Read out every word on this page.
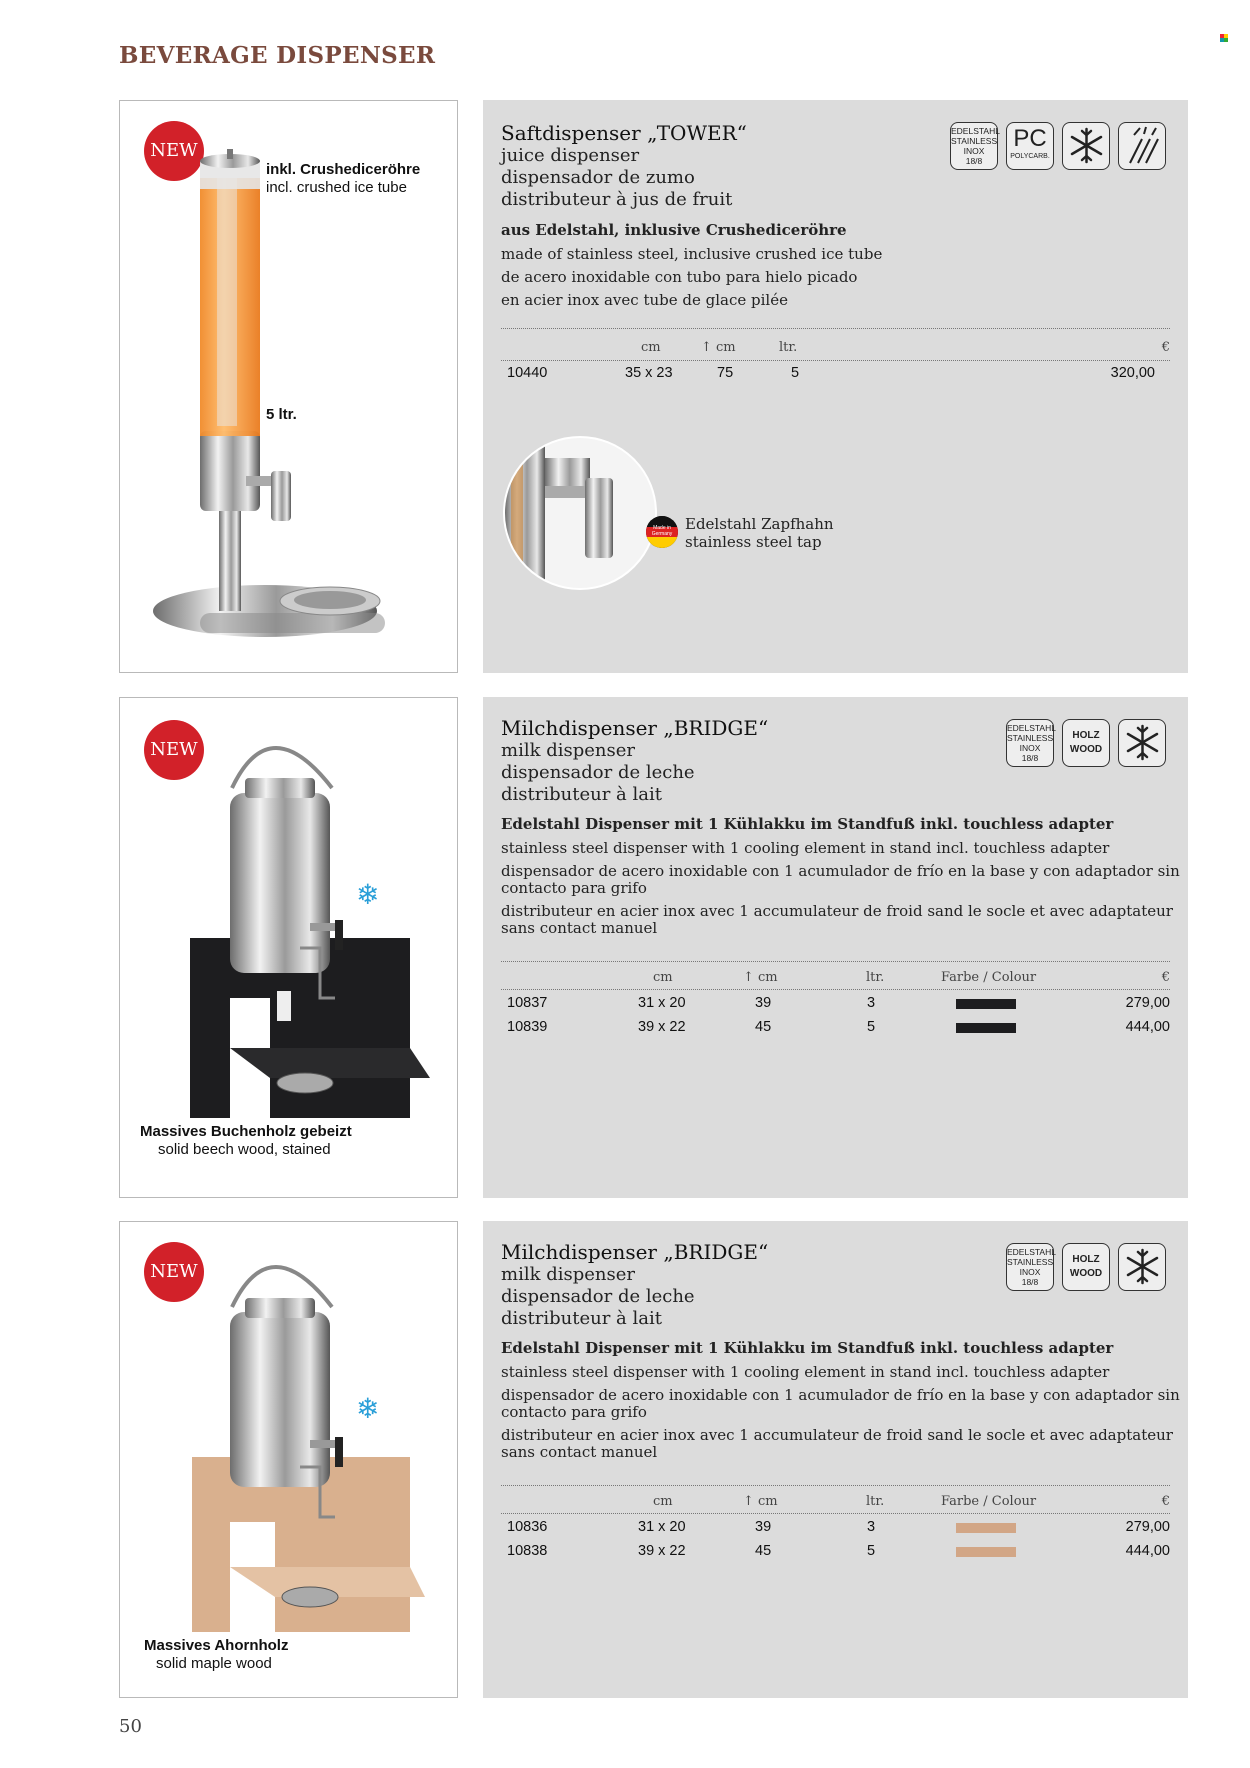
BEVERAGE DISPENSER
NEW
inkl. Crushediceröhre
incl. crushed ice tube
5 ltr.
Saftdispenser „TOWER“
juice dispenser
dispensador de zumo
distributeur à jus de fruit
aus Edelstahl, inklusive Crushediceröhre
made of stainless steel, inclusive crushed ice tube
de acero inoxidable con tubo para hielo picado
en acier inox avec tube de glace pilée
EDELSTAHL
STAINLESS
INOX
18/8
PC
POLYCARB.
cm	↑ cm	ltr.	€
10440	35 x 23	75	5	320,00
Made in Germany
Edelstahl Zapfhahn
stainless steel tap
NEW
❄
Massives Buchenholz gebeizt
solid beech wood, stained
Milchdispenser „BRIDGE“
milk dispenser
dispensador de leche
distributeur à lait
Edelstahl Dispenser mit 1 Kühlakku im Standfuß inkl. touchless adapter
stainless steel dispenser with 1 cooling element in stand incl. touchless adapter
dispensador de acero inoxidable con 1 acumulador de frío en la base y con adaptador sin contacto para grifo
distributeur en acier inox avec 1 accumulateur de froid sand le socle et avec adaptateur sans contact manuel
EDELSTAHL
STAINLESS
INOX
18/8
HOLZ
WOOD
cm	↑ cm	ltr.	Farbe / Colour	€
10837	31 x 20	39	3	279,00
10839	39 x 22	45	5	444,00
NEW
❄
Massives Ahornholz
solid maple wood
Milchdispenser „BRIDGE“
milk dispenser
dispensador de leche
distributeur à lait
Edelstahl Dispenser mit 1 Kühlakku im Standfuß inkl. touchless adapter
stainless steel dispenser with 1 cooling element in stand incl. touchless adapter
dispensador de acero inoxidable con 1 acumulador de frío en la base y con adaptador sin contacto para grifo
distributeur en acier inox avec 1 accumulateur de froid sand le socle et avec adaptateur sans contact manuel
EDELSTAHL
STAINLESS
INOX
18/8
HOLZ
WOOD
cm	↑ cm	ltr.	Farbe / Colour	€
10836	31 x 20	39	3	279,00
10838	39 x 22	45	5	444,00
50
